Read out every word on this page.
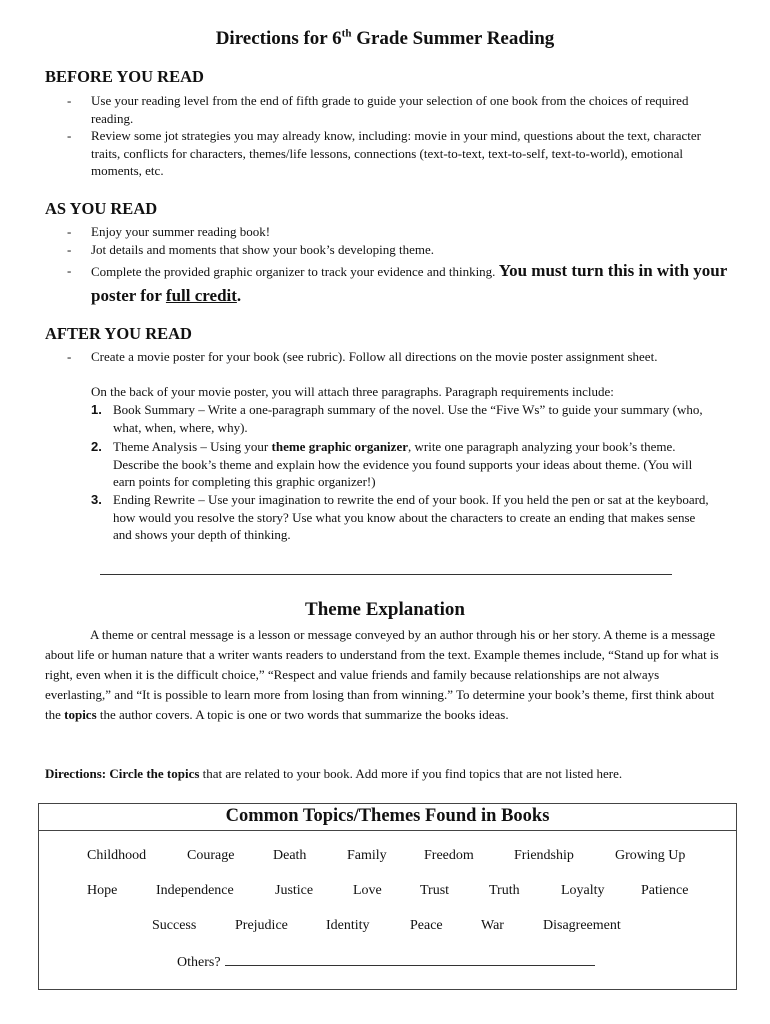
Directions for 6th Grade Summer Reading
BEFORE YOU READ
- Use your reading level from the end of fifth grade to guide your selection of one book from the choices of required reading.
- Review some jot strategies you may already know, including: movie in your mind, questions about the text, character traits, conflicts for characters, themes/life lessons, connections (text-to-text, text-to-self, text-to-world), emotional moments, etc.
AS YOU READ
- Enjoy your summer reading book!
- Jot details and moments that show your book’s developing theme.
- Complete the provided graphic organizer to track your evidence and thinking. You must turn this in with your poster for full credit.
AFTER YOU READ
- Create a movie poster for your book (see rubric). Follow all directions on the movie poster assignment sheet.
On the back of your movie poster, you will attach three paragraphs. Paragraph requirements include:
1. Book Summary – Write a one-paragraph summary of the novel. Use the “Five Ws” to guide your summary (who, what, when, where, why).
2. Theme Analysis – Using your theme graphic organizer, write one paragraph analyzing your book’s theme. Describe the book’s theme and explain how the evidence you found supports your ideas about theme. (You will earn points for completing this graphic organizer!)
3. Ending Rewrite – Use your imagination to rewrite the end of your book. If you held the pen or sat at the keyboard, how would you resolve the story? Use what you know about the characters to create an ending that makes sense and shows your depth of thinking.
Theme Explanation
A theme or central message is a lesson or message conveyed by an author through his or her story. A theme is a message about life or human nature that a writer wants readers to understand from the text. Example themes include, “Stand up for what is right, even when it is the difficult choice,” “Respect and value friends and family because relationships are not always everlasting,” and “It is possible to learn more from losing than from winning.” To determine your book’s theme, first think about the topics the author covers. A topic is one or two words that summarize the books ideas.
Directions: Circle the topics that are related to your book. Add more if you find topics that are not listed here.
Common Topics/Themes Found in Books
Childhood	Courage	Death	Family	Freedom	Friendship	Growing Up
Hope	Independence	Justice	Love	Trust	Truth	Loyalty	Patience
Success	Prejudice	Identity	Peace	War	Disagreement
Others?
